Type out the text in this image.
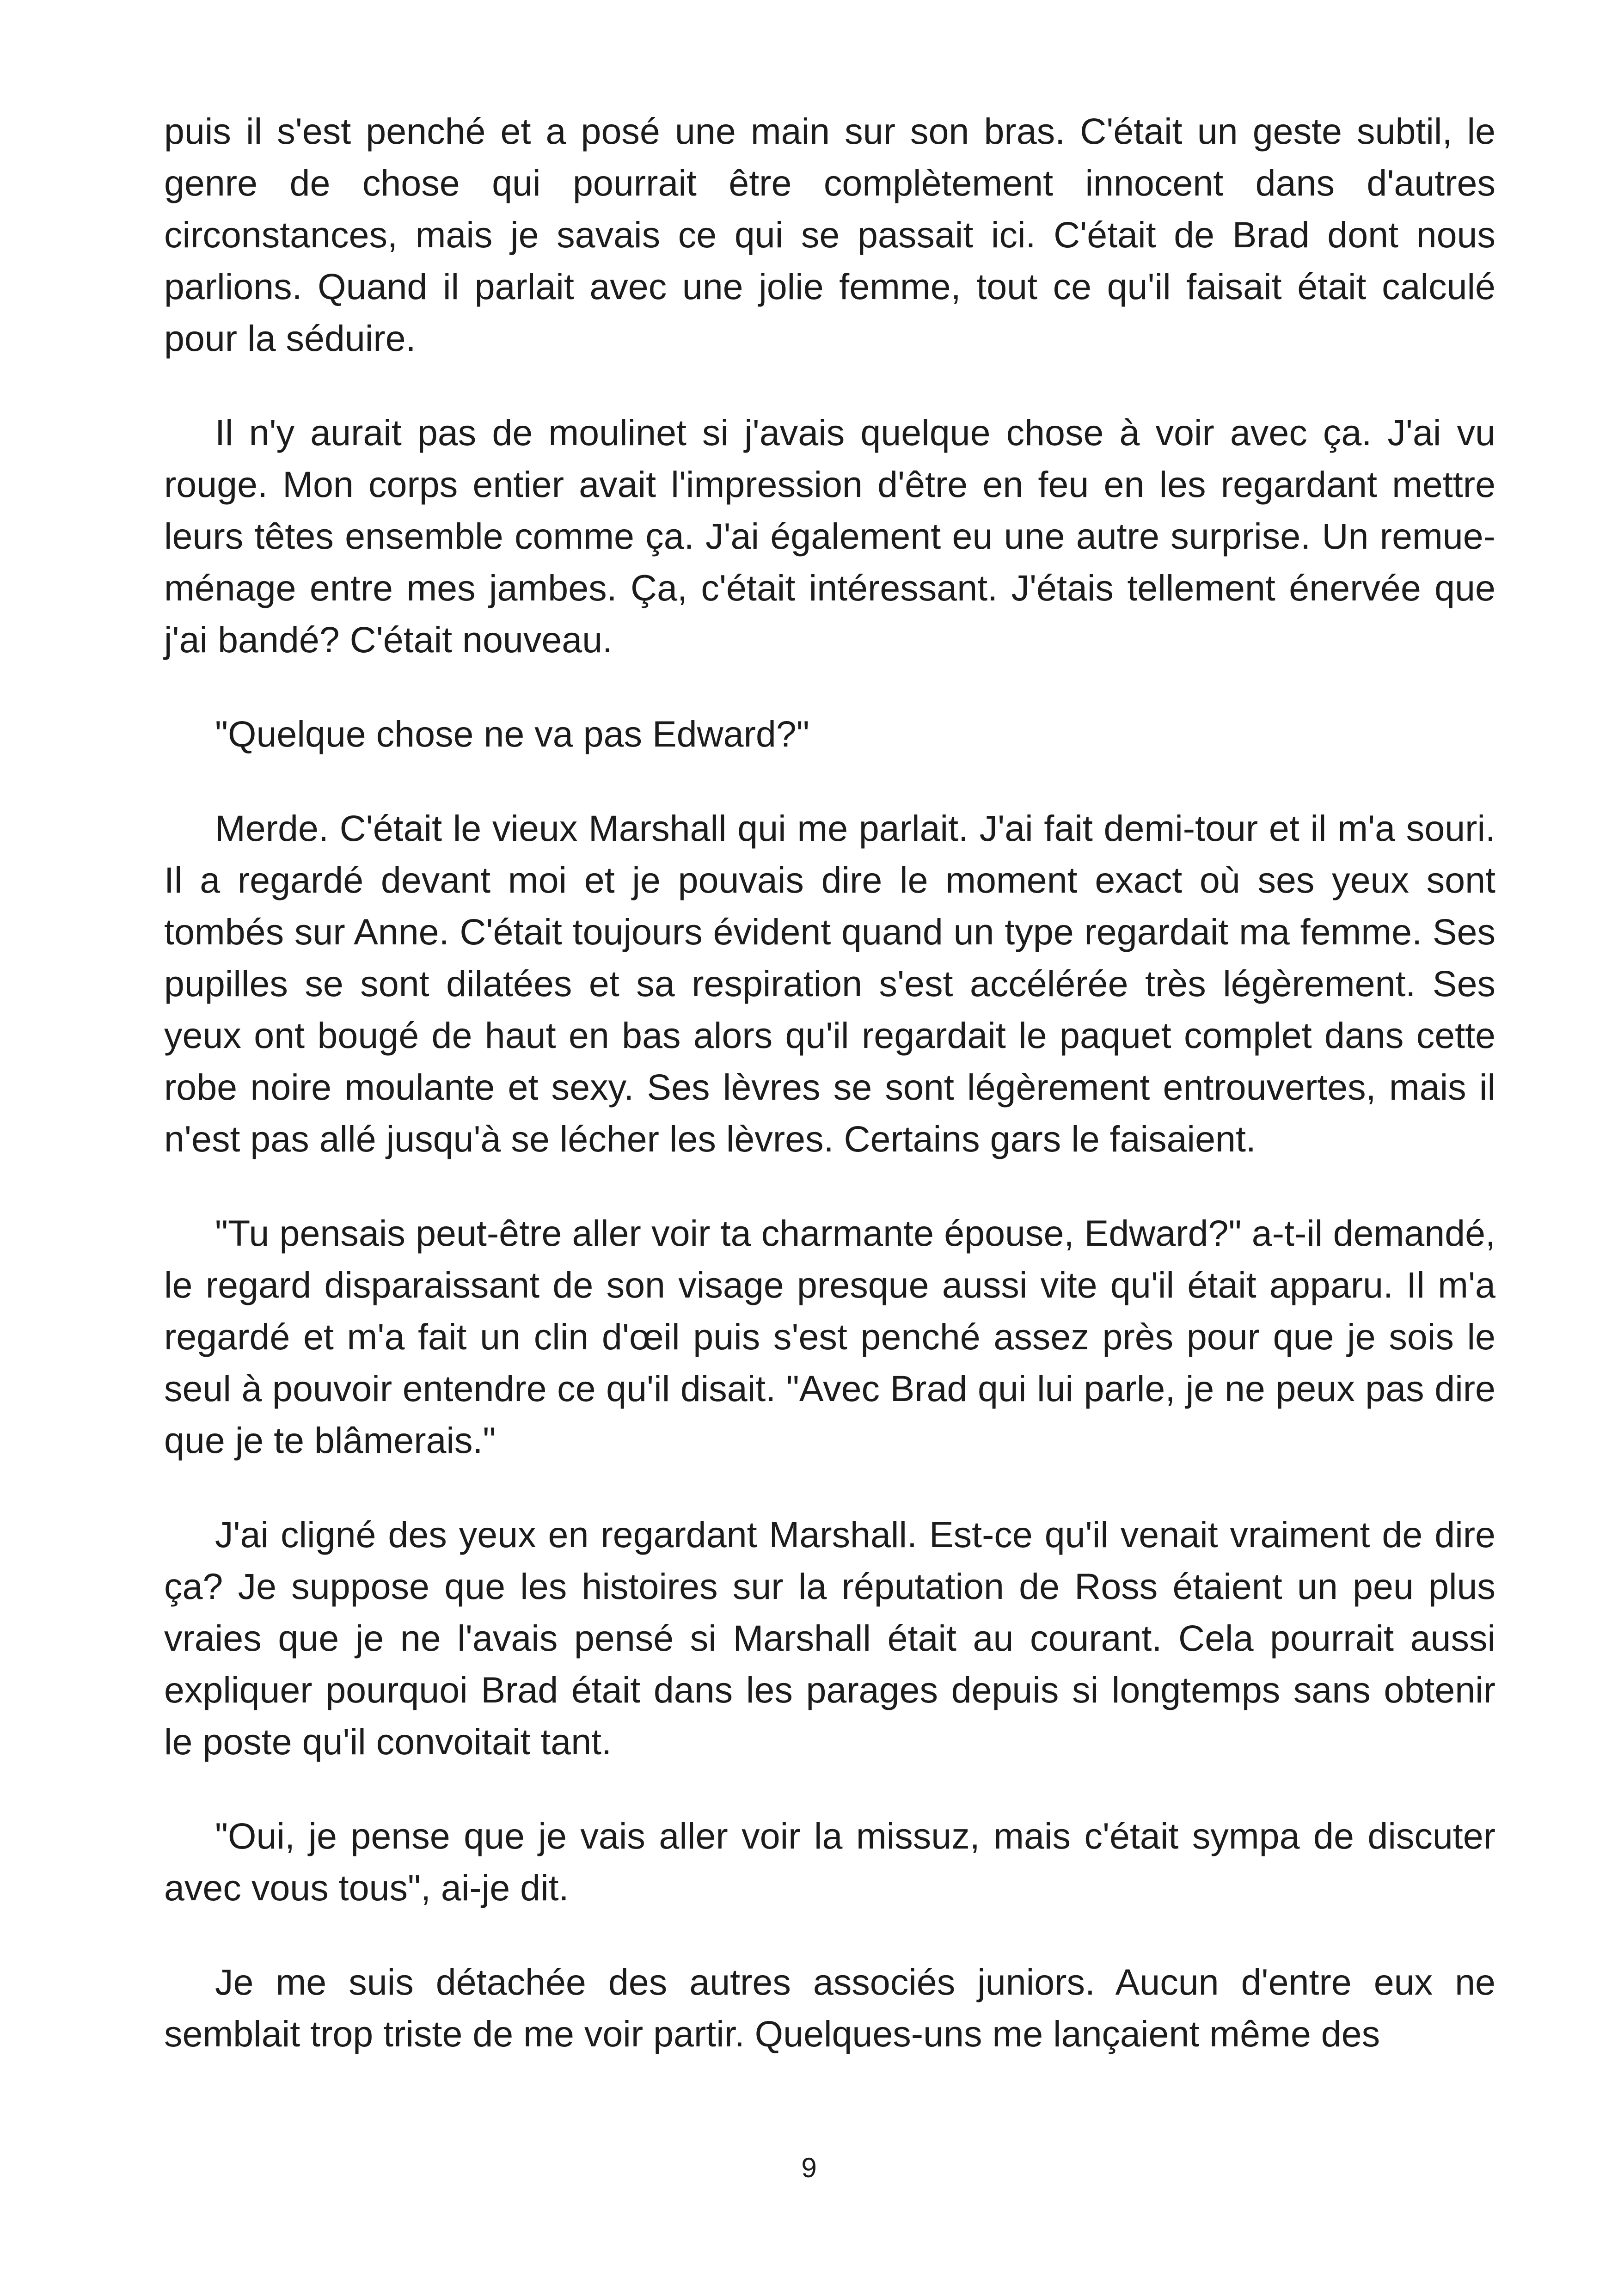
puis il s'est penché et a posé une main sur son bras. C'était un geste subtil, le genre de chose qui pourrait être complètement innocent dans d'autres circonstances, mais je savais ce qui se passait ici. C'était de Brad dont nous parlions. Quand il parlait avec une jolie femme, tout ce qu'il faisait était calculé pour la séduire.

Il n'y aurait pas de moulinet si j'avais quelque chose à voir avec ça. J'ai vu rouge. Mon corps entier avait l'impression d'être en feu en les regardant mettre leurs têtes ensemble comme ça. J'ai également eu une autre surprise. Un remue-ménage entre mes jambes. Ça, c'était intéressant. J'étais tellement énervée que j'ai bandé? C'était nouveau.

"Quelque chose ne va pas Edward?"

Merde. C'était le vieux Marshall qui me parlait. J'ai fait demi-tour et il m'a souri. Il a regardé devant moi et je pouvais dire le moment exact où ses yeux sont tombés sur Anne. C'était toujours évident quand un type regardait ma femme. Ses pupilles se sont dilatées et sa respiration s'est accélérée très légèrement. Ses yeux ont bougé de haut en bas alors qu'il regardait le paquet complet dans cette robe noire moulante et sexy. Ses lèvres se sont légèrement entrouvertes, mais il n'est pas allé jusqu'à se lécher les lèvres. Certains gars le faisaient.

"Tu pensais peut-être aller voir ta charmante épouse, Edward?" a-t-il demandé, le regard disparaissant de son visage presque aussi vite qu'il était apparu. Il m'a regardé et m'a fait un clin d'œil puis s'est penché assez près pour que je sois le seul à pouvoir entendre ce qu'il disait. "Avec Brad qui lui parle, je ne peux pas dire que je te blâmerais."

J'ai cligné des yeux en regardant Marshall. Est-ce qu'il venait vraiment de dire ça? Je suppose que les histoires sur la réputation de Ross étaient un peu plus vraies que je ne l'avais pensé si Marshall était au courant. Cela pourrait aussi expliquer pourquoi Brad était dans les parages depuis si longtemps sans obtenir le poste qu'il convoitait tant.

"Oui, je pense que je vais aller voir la missuz, mais c'était sympa de discuter avec vous tous", ai-je dit.

Je me suis détachée des autres associés juniors. Aucun d'entre eux ne semblait trop triste de me voir partir. Quelques-uns me lançaient même des

9
